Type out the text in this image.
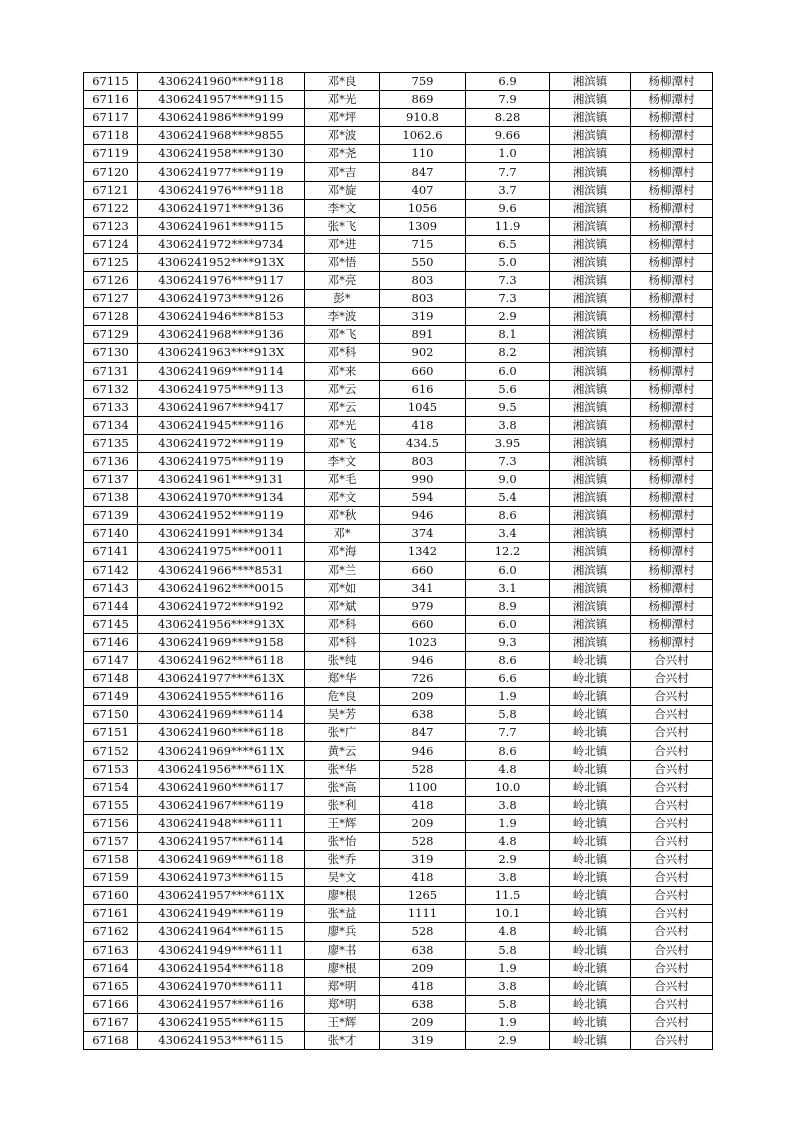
67115	4306241960****9118	邓*良	759	6.9	湘滨镇	杨柳潭村
67116	4306241957****9115	邓*光	869	7.9	湘滨镇	杨柳潭村
67117	4306241986****9199	邓*坪	910.8	8.28	湘滨镇	杨柳潭村
67118	4306241968****9855	邓*波	1062.6	9.66	湘滨镇	杨柳潭村
67119	4306241958****9130	邓*尧	110	1.0	湘滨镇	杨柳潭村
67120	4306241977****9119	邓*吉	847	7.7	湘滨镇	杨柳潭村
67121	4306241976****9118	邓*旋	407	3.7	湘滨镇	杨柳潭村
67122	4306241971****9136	李*文	1056	9.6	湘滨镇	杨柳潭村
67123	4306241961****9115	张*飞	1309	11.9	湘滨镇	杨柳潭村
67124	4306241972****9734	邓*进	715	6.5	湘滨镇	杨柳潭村
67125	4306241952****913X	邓*悟	550	5.0	湘滨镇	杨柳潭村
67126	4306241976****9117	邓*亮	803	7.3	湘滨镇	杨柳潭村
67127	4306241973****9126	彭*	803	7.3	湘滨镇	杨柳潭村
67128	4306241946****8153	李*波	319	2.9	湘滨镇	杨柳潭村
67129	4306241968****9136	邓*飞	891	8.1	湘滨镇	杨柳潭村
67130	4306241963****913X	邓*科	902	8.2	湘滨镇	杨柳潭村
67131	4306241969****9114	邓*来	660	6.0	湘滨镇	杨柳潭村
67132	4306241975****9113	邓*云	616	5.6	湘滨镇	杨柳潭村
67133	4306241967****9417	邓*云	1045	9.5	湘滨镇	杨柳潭村
67134	4306241945****9116	邓*光	418	3.8	湘滨镇	杨柳潭村
67135	4306241972****9119	邓*飞	434.5	3.95	湘滨镇	杨柳潭村
67136	4306241975****9119	李*文	803	7.3	湘滨镇	杨柳潭村
67137	4306241961****9131	邓*毛	990	9.0	湘滨镇	杨柳潭村
67138	4306241970****9134	邓*文	594	5.4	湘滨镇	杨柳潭村
67139	4306241952****9119	邓*秋	946	8.6	湘滨镇	杨柳潭村
67140	4306241991****9134	邓*	374	3.4	湘滨镇	杨柳潭村
67141	4306241975****0011	邓*海	1342	12.2	湘滨镇	杨柳潭村
67142	4306241966****8531	邓*兰	660	6.0	湘滨镇	杨柳潭村
67143	4306241962****0015	邓*如	341	3.1	湘滨镇	杨柳潭村
67144	4306241972****9192	邓*斌	979	8.9	湘滨镇	杨柳潭村
67145	4306241956****913X	邓*科	660	6.0	湘滨镇	杨柳潭村
67146	4306241969****9158	邓*科	1023	9.3	湘滨镇	杨柳潭村
67147	4306241962****6118	张*纯	946	8.6	岭北镇	合兴村
67148	4306241977****613X	郑*华	726	6.6	岭北镇	合兴村
67149	4306241955****6116	危*良	209	1.9	岭北镇	合兴村
67150	4306241969****6114	吴*芳	638	5.8	岭北镇	合兴村
67151	4306241960****6118	张*广	847	7.7	岭北镇	合兴村
67152	4306241969****611X	黄*云	946	8.6	岭北镇	合兴村
67153	4306241956****611X	张*华	528	4.8	岭北镇	合兴村
67154	4306241960****6117	张*高	1100	10.0	岭北镇	合兴村
67155	4306241967****6119	张*利	418	3.8	岭北镇	合兴村
67156	4306241948****6111	王*辉	209	1.9	岭北镇	合兴村
67157	4306241957****6114	张*怡	528	4.8	岭北镇	合兴村
67158	4306241969****6118	张*乔	319	2.9	岭北镇	合兴村
67159	4306241973****6115	吴*文	418	3.8	岭北镇	合兴村
67160	4306241957****611X	廖*根	1265	11.5	岭北镇	合兴村
67161	4306241949****6119	张*益	1111	10.1	岭北镇	合兴村
67162	4306241964****6115	廖*兵	528	4.8	岭北镇	合兴村
67163	4306241949****6111	廖*书	638	5.8	岭北镇	合兴村
67164	4306241954****6118	廖*根	209	1.9	岭北镇	合兴村
67165	4306241970****6111	郑*明	418	3.8	岭北镇	合兴村
67166	4306241957****6116	郑*明	638	5.8	岭北镇	合兴村
67167	4306241955****6115	王*辉	209	1.9	岭北镇	合兴村
67168	4306241953****6115	张*才	319	2.9	岭北镇	合兴村
